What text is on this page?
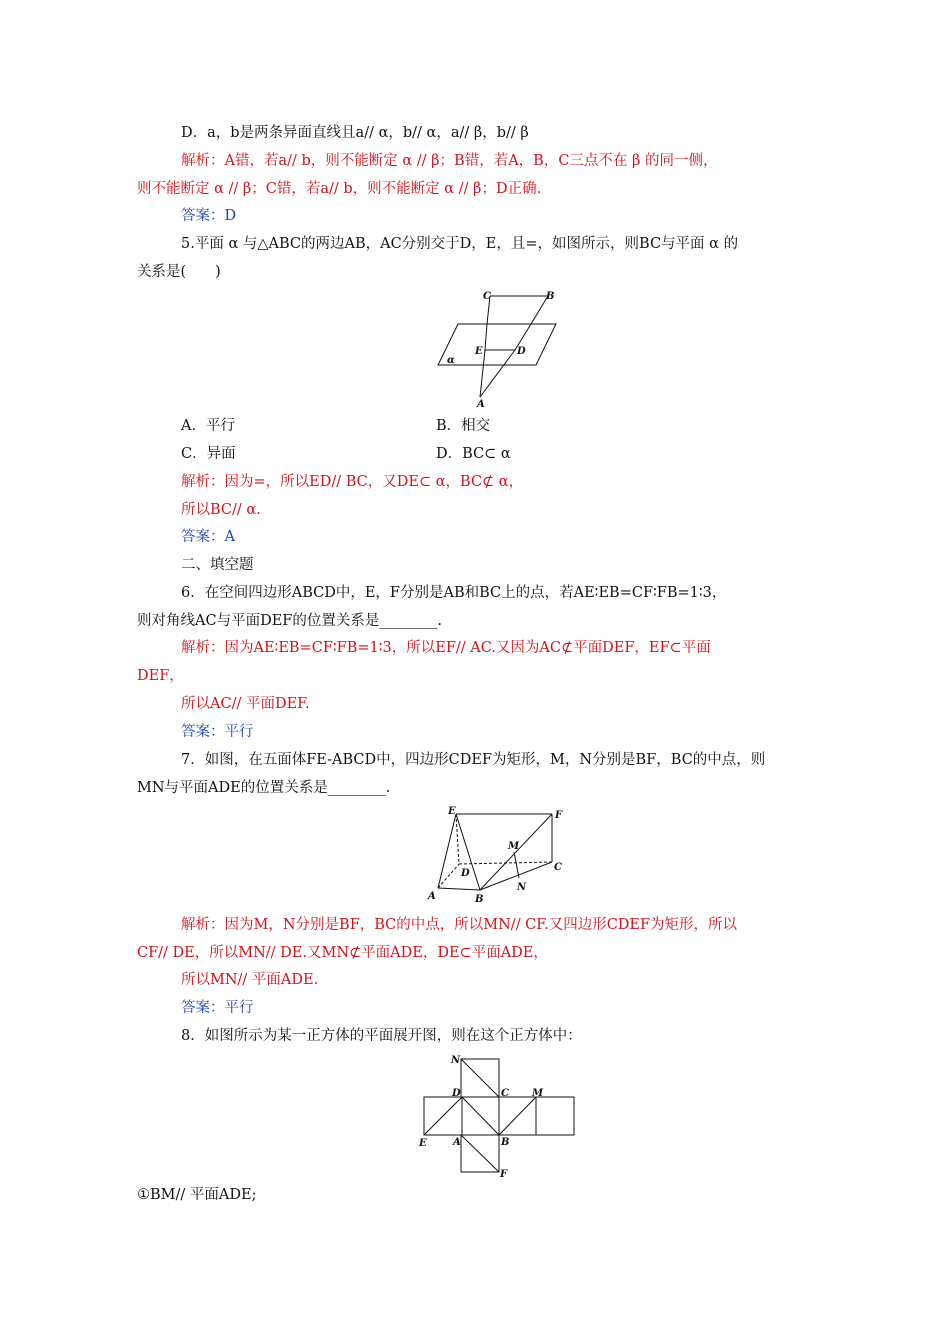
D．a，b是两条异面直线且a// α，b// α，a// β，b// β
解析：A错，若a// b，则不能断定 α // β；B错，若A，B，C三点不在 β 的同一侧，
则不能断定 α // β；C错，若a// b，则不能断定 α // β；D正确.
答案：D
5.平面 α 与△ABC的两边AB，AC分别交于D，E，且=，如图所示，则BC与平面 α 的
关系是(　　)
C	B
E	D
α
A
A．平行	B．相交
C．异面	D．BC⊂ α
解析：因为=，所以ED// BC，又DE⊂ α，BC⊄ α，
所以BC// α.
答案：A
二、填空题
6．在空间四边形ABCD中，E，F分别是AB和BC上的点，若AE∶EB=CF∶FB=1∶3，
则对角线AC与平面DEF的位置关系是________.
解析：因为AE∶EB=CF∶FB=1∶3，所以EF// AC.又因为AC⊄平面DEF，EF⊂平面
DEF，
所以AC// 平面DEF.
答案：平行
7．如图，在五面体FE-ABCD中，四边形CDEF为矩形，M，N分别是BF，BC的中点，则
MN与平面ADE的位置关系是________.
E	F
M
D
C
N
A	B
解析：因为M，N分别是BF，BC的中点，所以MN// CF.又四边形CDEF为矩形，所以
CF// DE，所以MN// DE.又MN⊄平面ADE，DE⊂平面ADE，
所以MN// 平面ADE.
答案：平行
8．如图所示为某一正方体的平面展开图，则在这个正方体中：
N
D	C M
E	A	B
F
①BM// 平面ADE;
